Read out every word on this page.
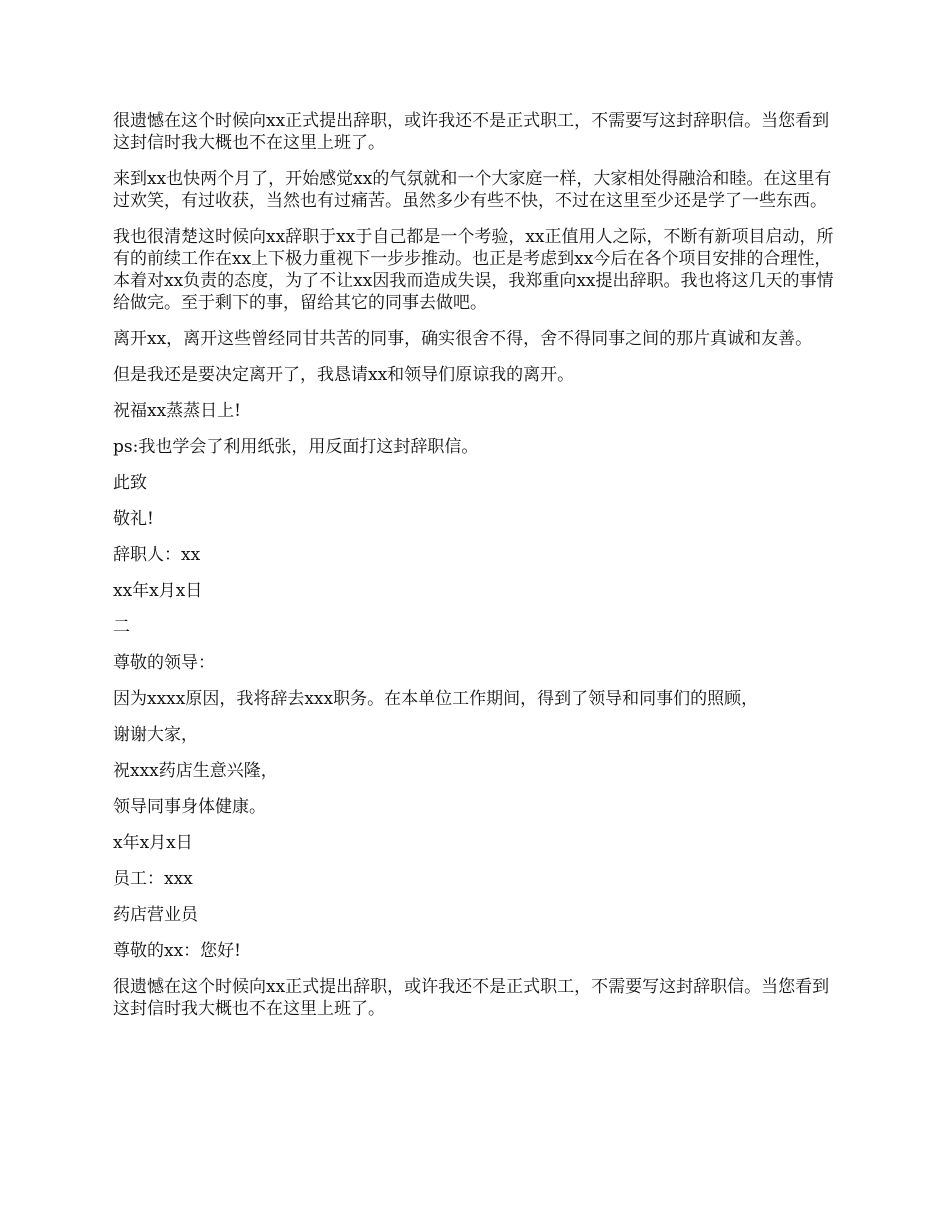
很遗憾在这个时候向xx正式提出辞职，或许我还不是正式职工，不需要写这封辞职信。当您看到这封信时我大概也不在这里上班了。

来到xx也快两个月了，开始感觉xx的气氛就和一个大家庭一样，大家相处得融洽和睦。在这里有过欢笑，有过收获，当然也有过痛苦。虽然多少有些不快，不过在这里至少还是学了一些东西。

我也很清楚这时候向xx辞职于xx于自己都是一个考验，xx正值用人之际，不断有新项目启动，所有的前续工作在xx上下极力重视下一步步推动。也正是考虑到xx今后在各个项目安排的合理性，本着对xx负责的态度，为了不让xx因我而造成失误，我郑重向xx提出辞职。我也将这几天的事情给做完。至于剩下的事，留给其它的同事去做吧。

离开xx，离开这些曾经同甘共苦的同事，确实很舍不得，舍不得同事之间的那片真诚和友善。

但是我还是要决定离开了，我恳请xx和领导们原谅我的离开。

祝福xx蒸蒸日上!

ps:我也学会了利用纸张，用反面打这封辞职信。

此致

敬礼!

辞职人：xx

xx年x月x日

二

尊敬的领导：

因为xxxx原因，我将辞去xxx职务。在本单位工作期间，得到了领导和同事们的照顾，

谢谢大家，

祝xxx药店生意兴隆，

领导同事身体健康。

x年x月x日

员工：xxx

药店营业员

尊敬的xx：您好!

很遗憾在这个时候向xx正式提出辞职，或许我还不是正式职工，不需要写这封辞职信。当您看到这封信时我大概也不在这里上班了。
